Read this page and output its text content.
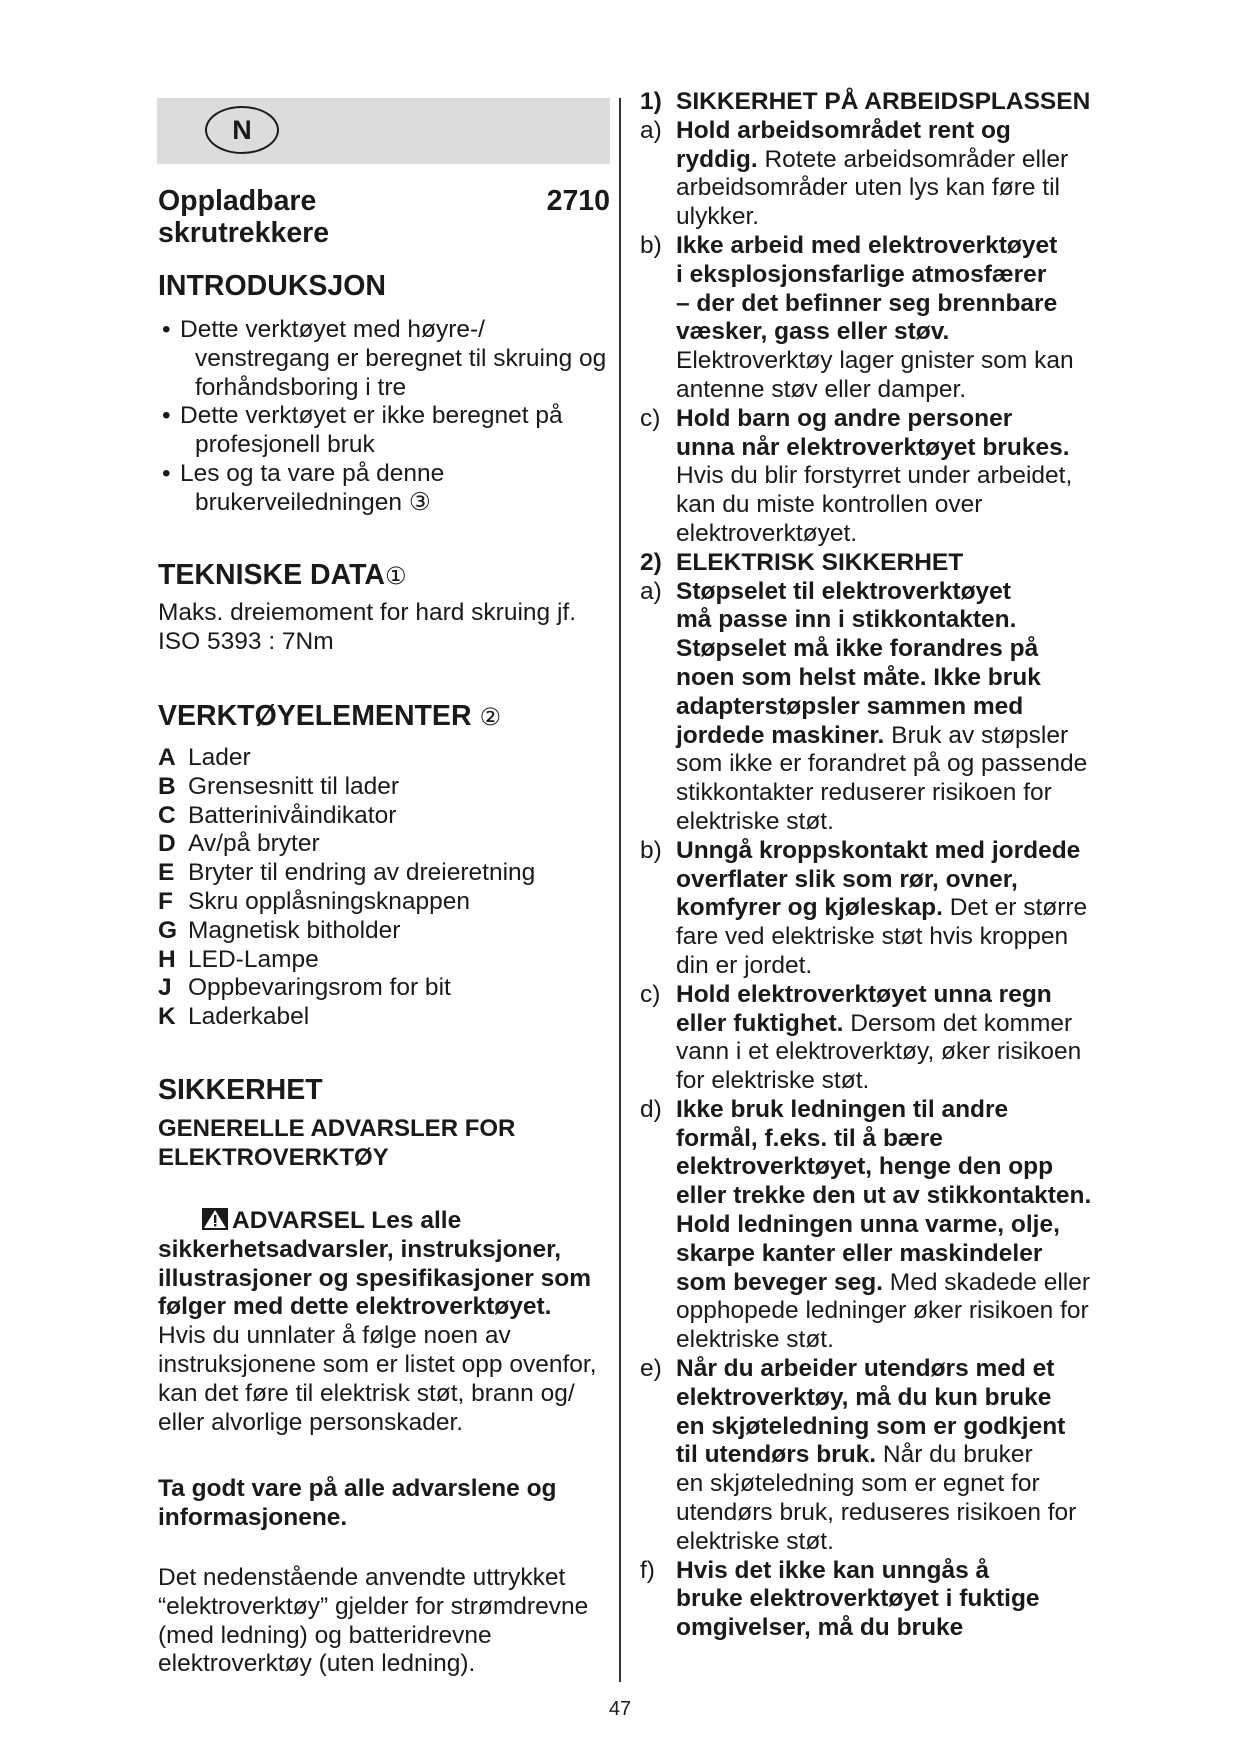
N
Oppladbare
skrutrekkere
2710
INTRODUKSJON
• Dette verktøyet med høyre-/
venstregang er beregnet til skruing og
forhåndsboring i tre
• Dette verktøyet er ikke beregnet på
profesjonell bruk
• Les og ta vare på denne
brukerveiledningen ③
TEKNISKE DATA①
Maks. dreiemoment for hard skruing jf.
ISO 5393 : 7Nm
VERKTØYELEMENTER ②
A Lader
B Grensesnitt til lader
C Batterinivåindikator
D Av/på bryter
E Bryter til endring av dreieretning
F Skru opplåsningsknappen
G Magnetisk bitholder
H LED-Lampe
J Oppbevaringsrom for bit
K Laderkabel
SIKKERHET
GENERELLE ADVARSLER FOR
ELEKTROVERKTØY
ADVARSEL Les alle
sikkerhetsadvarsler, instruksjoner,
illustrasjoner og spesifikasjoner som
følger med dette elektroverktøyet.
Hvis du unnlater å følge noen av
instruksjonene som er listet opp ovenfor,
kan det føre til elektrisk støt, brann og/
eller alvorlige personskader.
Ta godt vare på alle advarslene og
informasjonene.
Det nedenstående anvendte uttrykket
“elektroverktøy” gjelder for strømdrevne
(med ledning) og batteridrevne
elektroverktøy (uten ledning).
1) SIKKERHET PÅ ARBEIDSPLASSEN
a) Hold arbeidsområdet rent og
ryddig. Rotete arbeidsområder eller
arbeidsområder uten lys kan føre til
ulykker.
b) Ikke arbeid med elektroverktøyet
i eksplosjonsfarlige atmosfærer
– der det befinner seg brennbare
væsker, gass eller støv.
Elektroverktøy lager gnister som kan
antenne støv eller damper.
c) Hold barn og andre personer
unna når elektroverktøyet brukes.
Hvis du blir forstyrret under arbeidet,
kan du miste kontrollen over
elektroverktøyet.
2) ELEKTRISK SIKKERHET
a) Støpselet til elektroverktøyet
må passe inn i stikkontakten.
Støpselet må ikke forandres på
noen som helst måte. Ikke bruk
adapterstøpsler sammen med
jordede maskiner. Bruk av støpsler
som ikke er forandret på og passende
stikkontakter reduserer risikoen for
elektriske støt.
b) Unngå kroppskontakt med jordede
overflater slik som rør, ovner,
komfyrer og kjøleskap. Det er større
fare ved elektriske støt hvis kroppen
din er jordet.
c) Hold elektroverktøyet unna regn
eller fuktighet. Dersom det kommer
vann i et elektroverktøy, øker risikoen
for elektriske støt.
d) Ikke bruk ledningen til andre
formål, f.eks. til å bære
elektroverktøyet, henge den opp
eller trekke den ut av stikkontakten.
Hold ledningen unna varme, olje,
skarpe kanter eller maskindeler
som beveger seg. Med skadede eller
opphopede ledninger øker risikoen for
elektriske støt.
e) Når du arbeider utendørs med et
elektroverktøy, må du kun bruke
en skjøteledning som er godkjent
til utendørs bruk. Når du bruker
en skjøteledning som er egnet for
utendørs bruk, reduseres risikoen for
elektriske støt.
f) Hvis det ikke kan unngås å
bruke elektroverktøyet i fuktige
omgivelser, må du bruke
47
